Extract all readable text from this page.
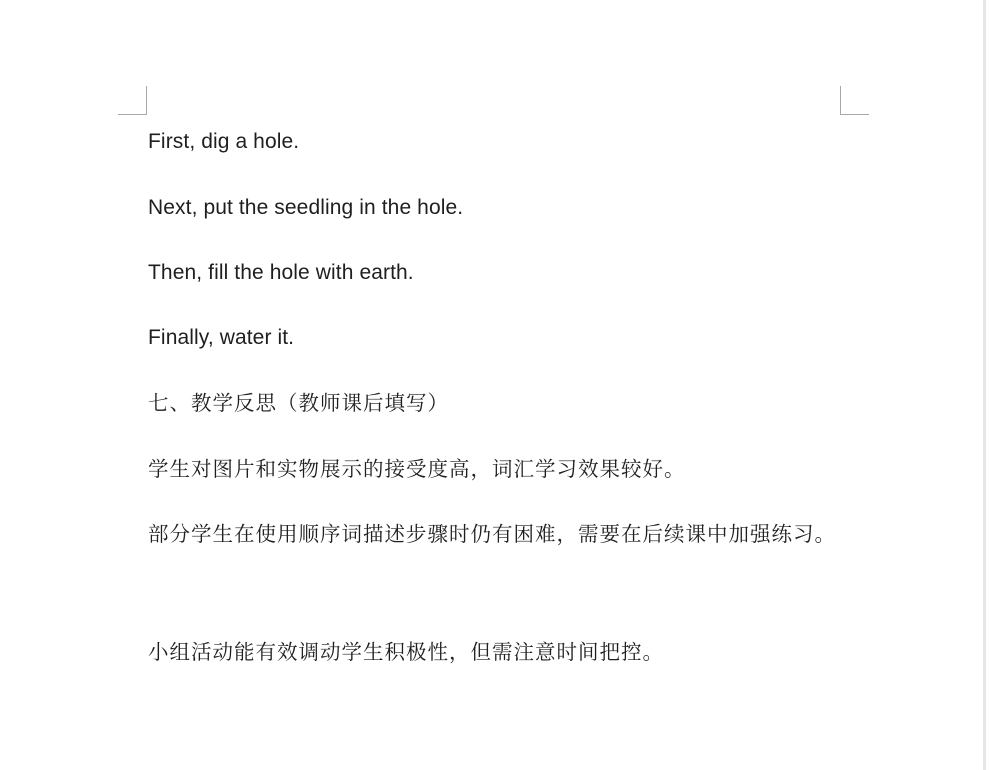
First, dig a hole.

Next, put the seedling in the hole.

Then, fill the hole with earth.

Finally, water it.

七、教学反思（教师课后填写）

学生对图片和实物展示的接受度高，词汇学习效果较好。

部分学生在使用顺序词描述步骤时仍有困难，需要在后续课中加强练习。

小组活动能有效调动学生积极性，但需注意时间把控。
